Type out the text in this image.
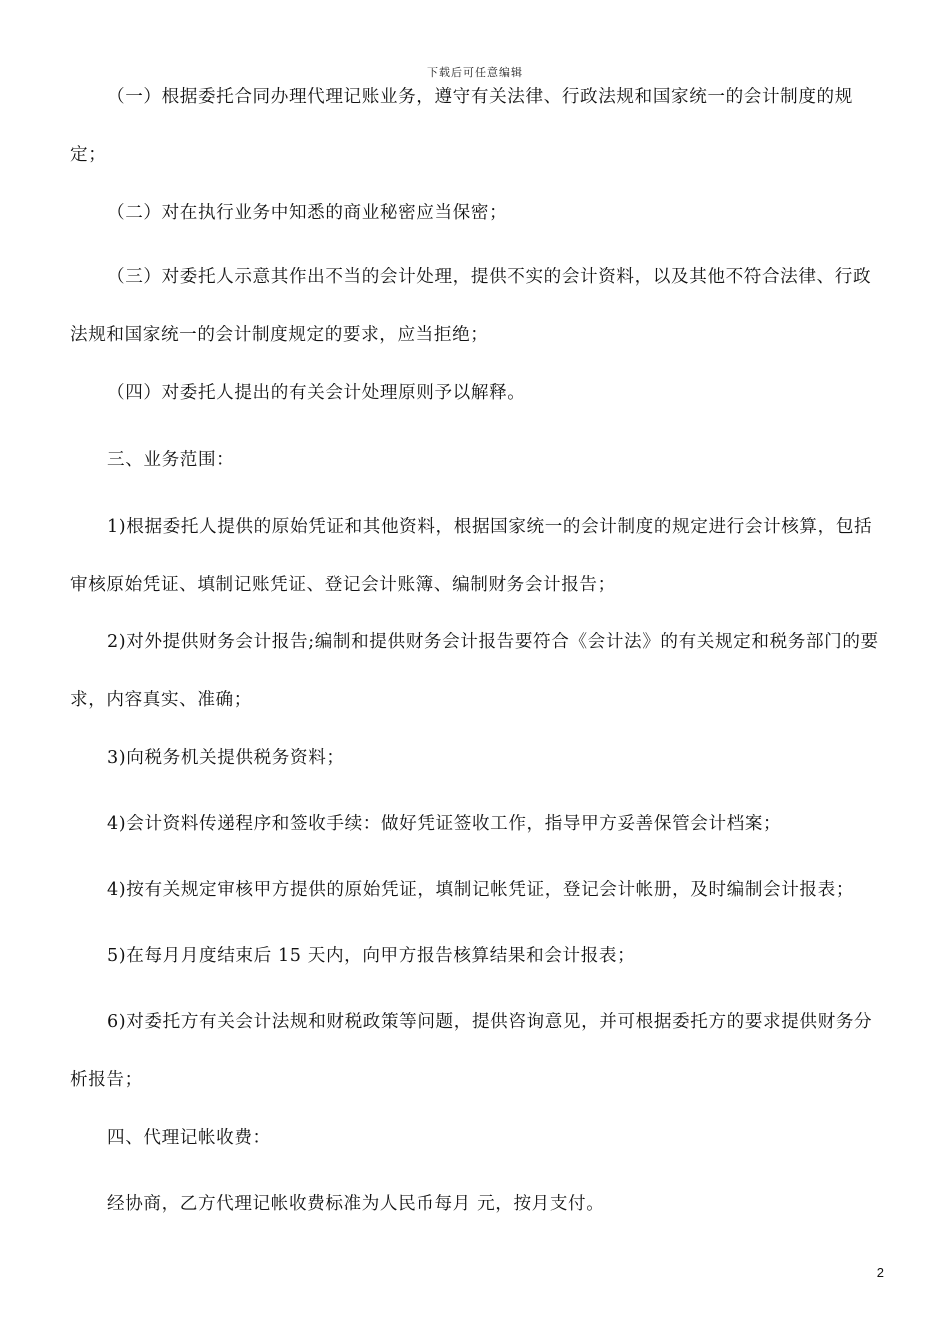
下载后可任意编辑

（一）根据委托合同办理代理记账业务，遵守有关法律、行政法规和国家统一的会计制度的规定；

（二）对在执行业务中知悉的商业秘密应当保密；

（三）对委托人示意其作出不当的会计处理，提供不实的会计资料，以及其他不符合法律、行政法规和国家统一的会计制度规定的要求，应当拒绝；

（四）对委托人提出的有关会计处理原则予以解释。

三、业务范围：

1)根据委托人提供的原始凭证和其他资料，根据国家统一的会计制度的规定进行会计核算，包括审核原始凭证、填制记账凭证、登记会计账簿、编制财务会计报告；

2)对外提供财务会计报告;编制和提供财务会计报告要符合《会计法》的有关规定和税务部门的要求，内容真实、准确；

3)向税务机关提供税务资料；

4)会计资料传递程序和签收手续：做好凭证签收工作，指导甲方妥善保管会计档案；

4)按有关规定审核甲方提供的原始凭证，填制记帐凭证，登记会计帐册，及时编制会计报表；

5)在每月月度结束后 15 天内，向甲方报告核算结果和会计报表；

6)对委托方有关会计法规和财税政策等问题，提供咨询意见，并可根据委托方的要求提供财务分析报告；

四、代理记帐收费：

经协商，乙方代理记帐收费标准为人民币每月 元，按月支付。

2
